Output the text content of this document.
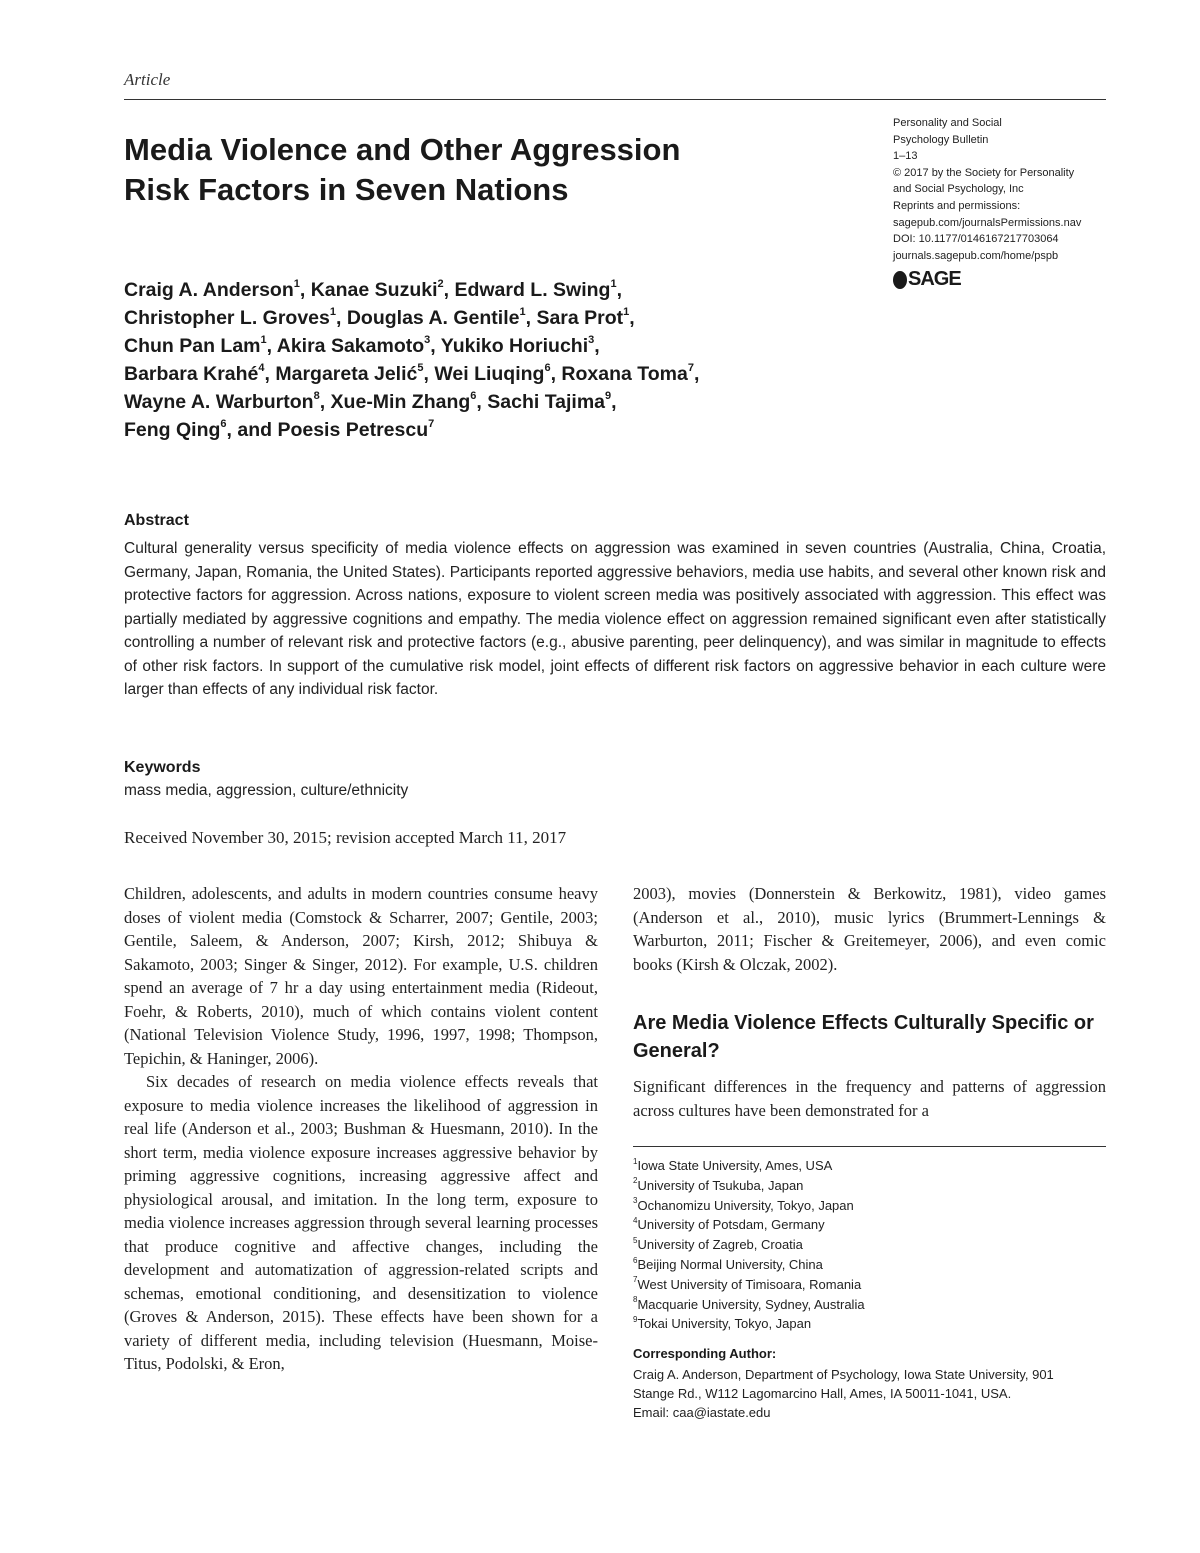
Article
Media Violence and Other Aggression
Risk Factors in Seven Nations
Personality and Social
Psychology Bulletin
1–13
© 2017 by the Society for Personality
and Social Psychology, Inc
Reprints and permissions:
sagepub.com/journalsPermissions.nav
DOI: 10.1177/0146167217703064
journals.sagepub.com/home/pspb
SAGE
Craig A. Anderson$^1$, Kanae Suzuki$^2$, Edward L. Swing$^1$,
Christopher L. Groves$^1$, Douglas A. Gentile$^1$, Sara Prot$^1$,
Chun Pan Lam$^1$, Akira Sakamoto$^3$, Yukiko Horiuchi$^3$,
Barbara Krahé$^4$, Margareta Jelić$^5$, Wei Liuqing$^6$, Roxana Toma$^7$,
Wayne A. Warburton$^8$, Xue-Min Zhang$^6$, Sachi Tajima$^9$,
Feng Qing$^6$, and Poesis Petrescu$^7$
Abstract
Cultural generality versus specificity of media violence effects on aggression was examined in seven countries (Australia, China, Croatia, Germany, Japan, Romania, the United States). Participants reported aggressive behaviors, media use habits, and several other known risk and protective factors for aggression. Across nations, exposure to violent screen media was positively associated with aggression. This effect was partially mediated by aggressive cognitions and empathy. The media violence effect on aggression remained significant even after statistically controlling a number of relevant risk and protective factors (e.g., abusive parenting, peer delinquency), and was similar in magnitude to effects of other risk factors. In support of the cumulative risk model, joint effects of different risk factors on aggressive behavior in each culture were larger than effects of any individual risk factor.
Keywords
mass media, aggression, culture/ethnicity
Received November 30, 2015; revision accepted March 11, 2017

Children, adolescents, and adults in modern countries consume heavy doses of violent media (Comstock & Scharrer, 2007; Gentile, 2003; Gentile, Saleem, & Anderson, 2007; Kirsh, 2012; Shibuya & Sakamoto, 2003; Singer & Singer, 2012). For example, U.S. children spend an average of 7 hr a day using entertainment media (Rideout, Foehr, & Roberts, 2010), much of which contains violent content (National Television Violence Study, 1996, 1997, 1998; Thompson, Tepichin, & Haninger, 2006).

Six decades of research on media violence effects reveals that exposure to media violence increases the likelihood of aggression in real life (Anderson et al., 2003; Bushman & Huesmann, 2010). In the short term, media violence exposure increases aggressive behavior by priming aggressive cognitions, increasing aggressive affect and physiological arousal, and imitation. In the long term, exposure to media violence increases aggression through several learning processes that produce cognitive and affective changes, including the development and automatization of aggression-related scripts and schemas, emotional conditioning, and desensitization to violence (Groves & Anderson, 2015). These effects have been shown for a variety of different media, including television (Huesmann, Moise-Titus, Podolski, & Eron,

2003), movies (Donnerstein & Berkowitz, 1981), video games (Anderson et al., 2010), music lyrics (Brummert-Lennings & Warburton, 2011; Fischer & Greitemeyer, 2006), and even comic books (Kirsh & Olczak, 2002).

Are Media Violence Effects Culturally Specific or General?

Significant differences in the frequency and patterns of aggression across cultures have been demonstrated for a

$^1$Iowa State University, Ames, USA
$^2$University of Tsukuba, Japan
$^3$Ochanomizu University, Tokyo, Japan
$^4$University of Potsdam, Germany
$^5$University of Zagreb, Croatia
$^6$Beijing Normal University, China
$^7$West University of Timisoara, Romania
$^8$Macquarie University, Sydney, Australia
$^9$Tokai University, Tokyo, Japan
Corresponding Author:
Craig A. Anderson, Department of Psychology, Iowa State University, 901
Stange Rd., W112 Lagomarcino Hall, Ames, IA 50011-1041, USA.
Email: caa@iastate.edu
